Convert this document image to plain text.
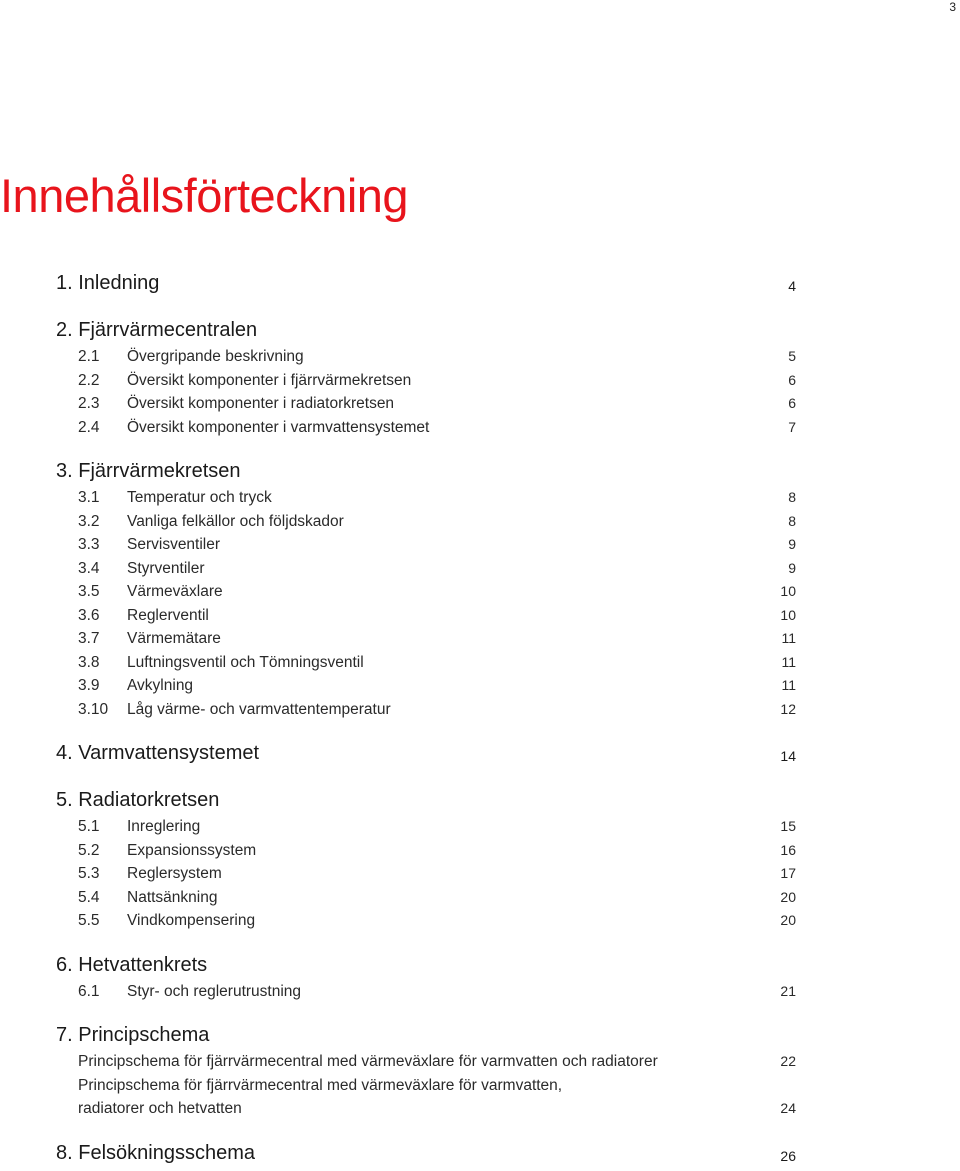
3
Innehållsförteckning
1. Inledning	4
2. Fjärrvärmecentralen
2.1 Övergripande beskrivning	5
2.2 Översikt komponenter i fjärrvärmekretsen	6
2.3 Översikt komponenter i radiatorkretsen	6
2.4 Översikt komponenter i varmvattensystemet	7
3. Fjärrvärmekretsen
3.1 Temperatur och tryck	8
3.2 Vanliga felkällor och följdskador	8
3.3 Servisventiler	9
3.4 Styrventiler	9
3.5 Värmeväxlare	10
3.6 Reglerventil	10
3.7 Värmemätare	11
3.8 Luftningsventil och Tömningsventil	11
3.9 Avkylning	11
3.10 Låg värme- och varmvattentemperatur	12
4. Varmvattensystemet	14
5. Radiatorkretsen
5.1 Inreglering	15
5.2 Expansionssystem	16
5.3 Reglersystem	17
5.4 Nattsänkning	20
5.5 Vindkompensering	20
6. Hetvattenkrets
6.1 Styr- och reglerutrustning	21
7. Principschema
Principschema för fjärrvärmecentral med värmeväxlare för varmvatten och radiatorer	22
Principschema för fjärrvärmecentral med värmeväxlare för varmvatten,
radiatorer och hetvatten	24
8. Felsökningsschema	26
